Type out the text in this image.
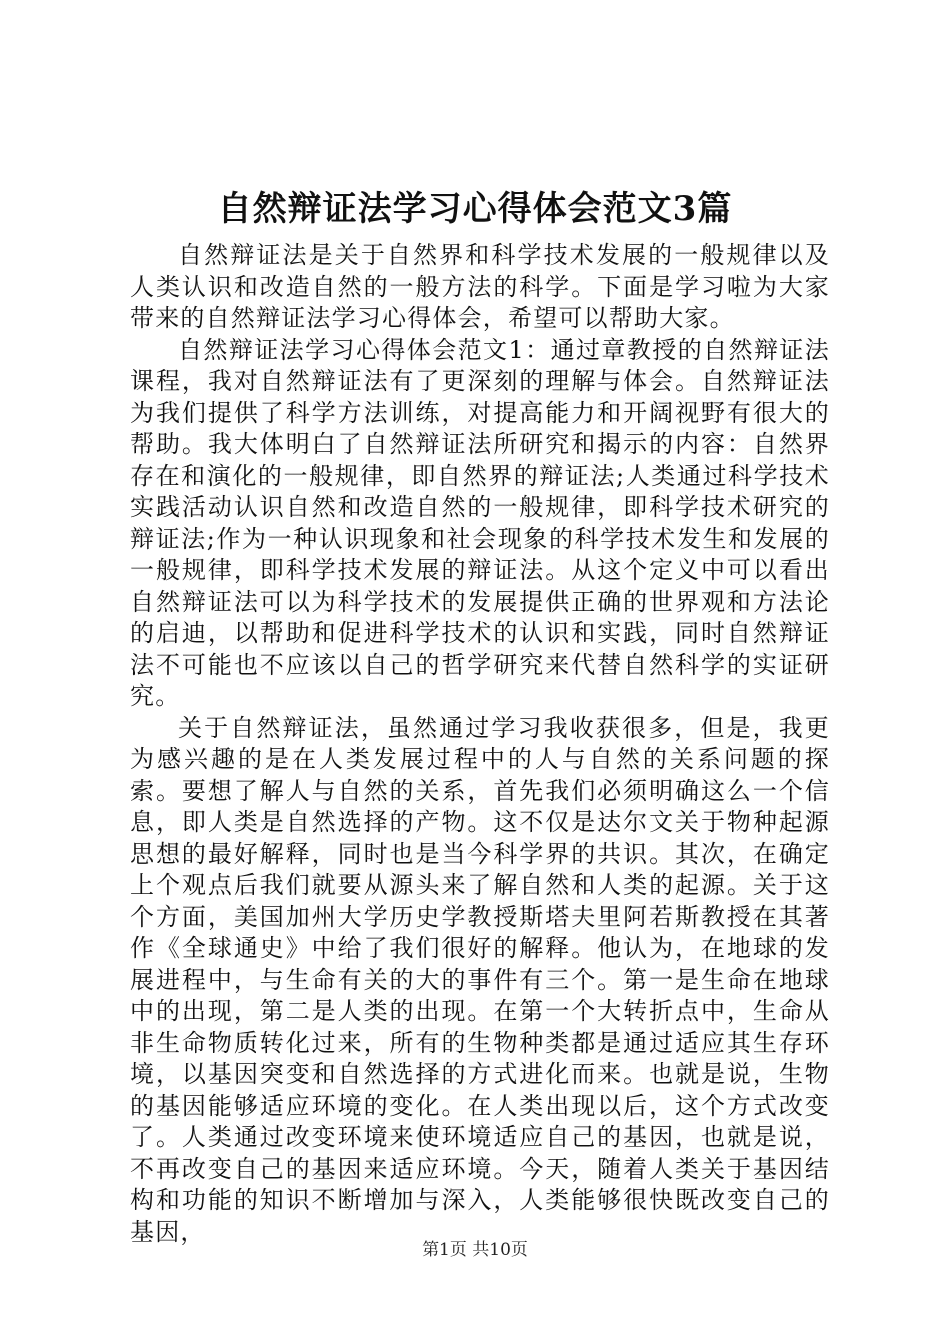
自然辩证法学习心得体会范文3篇

自然辩证法是关于自然界和科学技术发展的一般规律以及人类认识和改造自然的一般方法的科学。下面是学习啦为大家带来的自然辩证法学习心得体会，希望可以帮助大家。

自然辩证法学习心得体会范文1：通过章教授的自然辩证法课程，我对自然辩证法有了更深刻的理解与体会。自然辩证法为我们提供了科学方法训练，对提高能力和开阔视野有很大的帮助。我大体明白了自然辩证法所研究和揭示的内容：自然界存在和演化的一般规律，即自然界的辩证法;人类通过科学技术实践活动认识自然和改造自然的一般规律，即科学技术研究的辩证法;作为一种认识现象和社会现象的科学技术发生和发展的一般规律，即科学技术发展的辩证法。从这个定义中可以看出自然辩证法可以为科学技术的发展提供正确的世界观和方法论的启迪，以帮助和促进科学技术的认识和实践，同时自然辩证法不可能也不应该以自己的哲学研究来代替自然科学的实证研究。

关于自然辩证法，虽然通过学习我收获很多，但是，我更为感兴趣的是在人类发展过程中的人与自然的关系问题的探索。要想了解人与自然的关系，首先我们必须明确这么一个信息，即人类是自然选择的产物。这不仅是达尔文关于物种起源思想的最好解释，同时也是当今科学界的共识。其次，在确定上个观点后我们就要从源头来了解自然和人类的起源。关于这个方面，美国加州大学历史学教授斯塔夫里阿若斯教授在其著作《全球通史》中给了我们很好的解释。他认为，在地球的发展进程中，与生命有关的大的事件有三个。第一是生命在地球中的出现，第二是人类的出现。在第一个大转折点中，生命从非生命物质转化过来，所有的生物种类都是通过适应其生存环境，以基因突变和自然选择的方式进化而来。也就是说，生物的基因能够适应环境的变化。在人类出现以后，这个方式改变了。人类通过改变环境来使环境适应自己的基因，也就是说，不再改变自己的基因来适应环境。今天，随着人类关于基因结构和功能的知识不断增加与深入，人类能够很快既改变自己的基因，

第1页 共10页
